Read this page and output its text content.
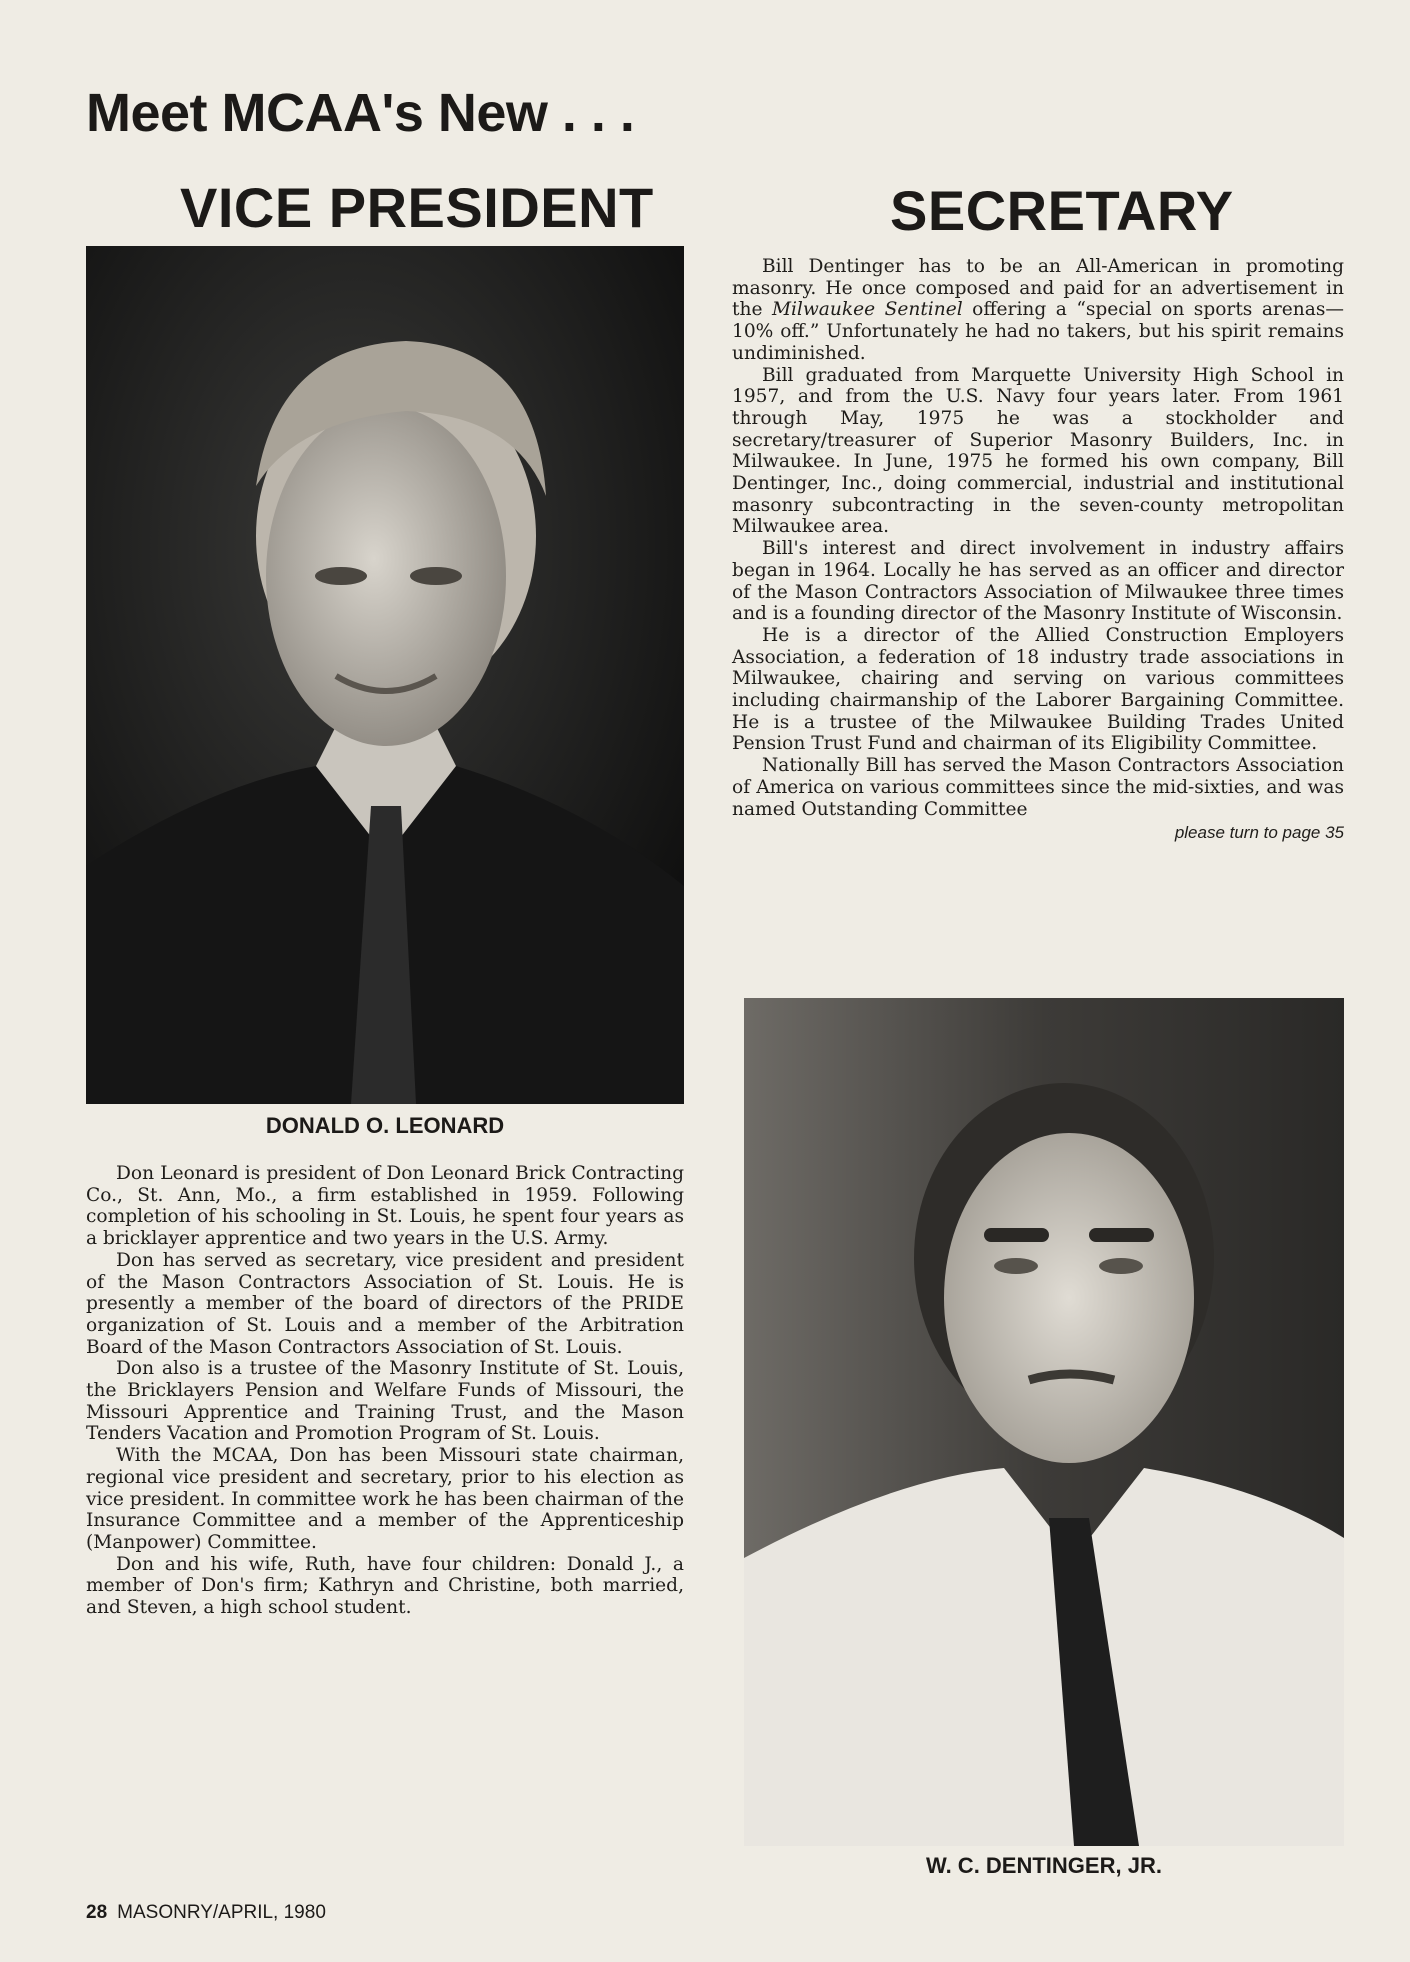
Meet MCAA's New . . .
VICE PRESIDENT	SECRETARY
DONALD O. LEONARD

Don Leonard is president of Don Leonard Brick Contracting Co., St. Ann, Mo., a firm established in 1959. Following completion of his schooling in St. Louis, he spent four years as a bricklayer apprentice and two years in the U.S. Army.

Don has served as secretary, vice president and president of the Mason Contractors Association of St. Louis. He is presently a member of the board of directors of the PRIDE organization of St. Louis and a member of the Arbitration Board of the Mason Contractors Association of St. Louis.

Don also is a trustee of the Masonry Institute of St. Louis, the Bricklayers Pension and Welfare Funds of Missouri, the Missouri Apprentice and Training Trust, and the Mason Tenders Vacation and Promotion Program of St. Louis.

With the MCAA, Don has been Missouri state chairman, regional vice president and secretary, prior to his election as vice president. In committee work he has been chairman of the Insurance Committee and a member of the Apprenticeship (Manpower) Committee.

Don and his wife, Ruth, have four children: Donald J., a member of Don's firm; Kathryn and Christine, both married, and Steven, a high school student.

Bill Dentinger has to be an All-American in promoting masonry. He once composed and paid for an advertisement in the Milwaukee Sentinel offering a “special on sports arenas—10% off.” Unfortunately he had no takers, but his spirit remains undiminished.

Bill graduated from Marquette University High School in 1957, and from the U.S. Navy four years later. From 1961 through May, 1975 he was a stockholder and secretary/treasurer of Superior Masonry Builders, Inc. in Milwaukee. In June, 1975 he formed his own company, Bill Dentinger, Inc., doing commercial, industrial and institutional masonry subcontracting in the seven-county metropolitan Milwaukee area.

Bill's interest and direct involvement in industry affairs began in 1964. Locally he has served as an officer and director of the Mason Contractors Association of Milwaukee three times and is a founding director of the Masonry Institute of Wisconsin.

He is a director of the Allied Construction Employers Association, a federation of 18 industry trade associations in Milwaukee, chairing and serving on various committees including chairmanship of the Laborer Bargaining Committee. He is a trustee of the Milwaukee Building Trades United Pension Trust Fund and chairman of its Eligibility Committee.

Nationally Bill has served the Mason Contractors Association of America on various committees since the mid-sixties, and was named Outstanding Committee

please turn to page 35
W. C. DENTINGER, JR.
28 MASONRY/APRIL, 1980
